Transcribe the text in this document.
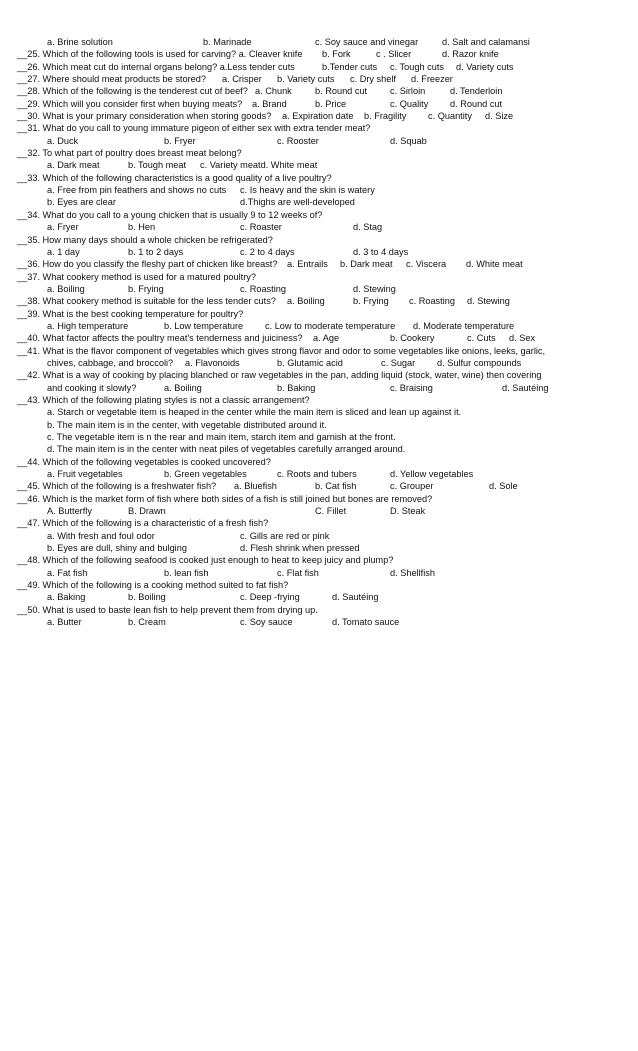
a. Brine solution	b. Marinade	c. Soy sauce and vinegar	d. Salt and calamansi
__25. Which of the following tools is used for carving? a. Cleaver knife b. Fork	c . Slicer	d. Razor knife
__26. Which meat cut do internal organs belong? a.Less tender cuts	b.Tender cuts c. Tough cuts d. Variety cuts
__27. Where should meat products be stored? a. Crisper b. Variety cuts c. Dry shelf d. Freezer
__28. Which of the following is the tenderest cut of beef? a. Chunk	b. Round cut c. Sirloin	d. Tenderloin
__29. Which will you consider first when buying meats? a. Brand	b. Price	c. Quality d. Round cut
__30. What is your primary consideration when storing goods? a. Expiration date b. Fragility c. Quantity d. Size
__31. What do you call to young immature pigeon of either sex with extra tender meat?
a. Duck	b. Fryer	c. Rooster	d. Squab
__32. To what part of poultry does breast meat belong?
a. Dark meat	b. Tough meat c. Variety meatd. White meat
__33. Which of the following characteristics is a good quality of a live poultry?
a. Free from pin feathers and shows no cuts c. Is heavy and the skin is watery
b. Eyes are clear	d.Thighs are well-developed
__34. What do you call to a young chicken that is usually 9 to 12 weeks of?
a. Fryer	b. Hen	c. Roaster	d. Stag
__35. How many days should a whole chicken be refrigerated?
a. 1 day	b. 1 to 2 days	c. 2 to 4 days	d. 3 to 4 days
__36. How do you classify the fleshy part of chicken like breast? a. Entrails b. Dark meat c. Viscera d. White meat
__37. What cookery method is used for a matured poultry?
a. Boiling	b. Frying	c. Roasting	d. Stewing
__38. What cookery method is suitable for the less tender cuts? a. Boiling	b. Frying c. Roasting d. Stewing
__39. What is the best cooking temperature for poultry?
a. High temperature	b. Low temperature c. Low to moderate temperature d. Moderate temperature
__40. What factor affects the poultry meat's tenderness and juiciness? a. Age	b. Cookery	c. Cuts d. Sex
__41. What is the flavor component of vegetables which gives strong flavor and odor to some vegetables like onions, leeks, garlic,
chives, cabbage, and broccoli? a. Flavonoids	b. Glutamic acid	c. Sugar d. Sulfur compounds
__42. What is a way of cooking by placing blanched or raw vegetables in the pan, adding liquid (stock, water, wine) then covering
and cooking it slowly?	a. Boiling	b. Baking	c. Braising	d. Sautéing
__43. Which of the following plating styles is not a classic arrangement?
a. Starch or vegetable item is heaped in the center while the main item is sliced and lean up against it.
b. The main item is in the center, with vegetable distributed around it.
c. The vegetable item is n the rear and main item, starch item and garnish at the front.
d. The main item is in the center with neat piles of vegetables carefully arranged around.
__44. Which of the following vegetables is cooked uncovered?
a. Fruit vegetables	b. Green vegetables	c. Roots and tubers	d. Yellow vegetables
__45. Which of the following is a freshwater fish? a. Bluefish	b. Cat fish	c. Grouper	d. Sole
__46. Which is the market form of fish where both sides of a fish is still joined but bones are removed?
A. Butterfly	B. Drawn	C. Fillet	D. Steak
__47. Which of the following is a characteristic of a fresh fish?
a. With fresh and foul odor	c. Gills are red or pink
b. Eyes are dull, shiny and bulging	d. Flesh shrink when pressed
__48. Which of the following seafood is cooked just enough to heat to keep juicy and plump?
a. Fat fish	b. lean fish	c. Flat fish	d. Shellfish
__49. Which of the following is a cooking method suited to fat fish?
a. Baking	b. Boiling	c. Deep -frying	d. Sautéing
__50. What is used to baste lean fish to help prevent them from drying up.
a. Butter	b. Cream	c. Soy sauce	d. Tomato sauce
